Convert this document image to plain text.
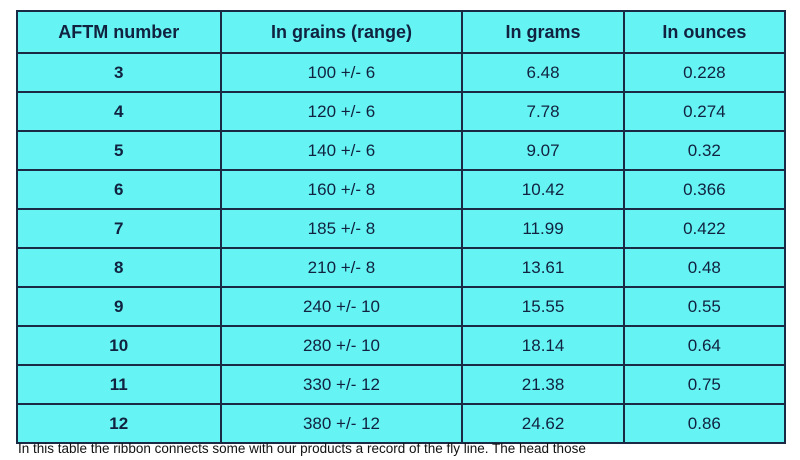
AFTM number	In grains (range)	In grams	In ounces
3	100 +/- 6	6.48	0.228
4	120 +/- 6	7.78	0.274
5	140 +/- 6	9.07	0.32
6	160 +/- 8	10.42	0.366
7	185 +/- 8	11.99	0.422
8	210 +/- 8	13.61	0.48
9	240 +/- 10	15.55	0.55
10	280 +/- 10	18.14	0.64
11	330 +/- 12	21.38	0.75
12	380 +/- 12	24.62	0.86
In this table the ribbon connects some with our products a record of the fly line. The head those
